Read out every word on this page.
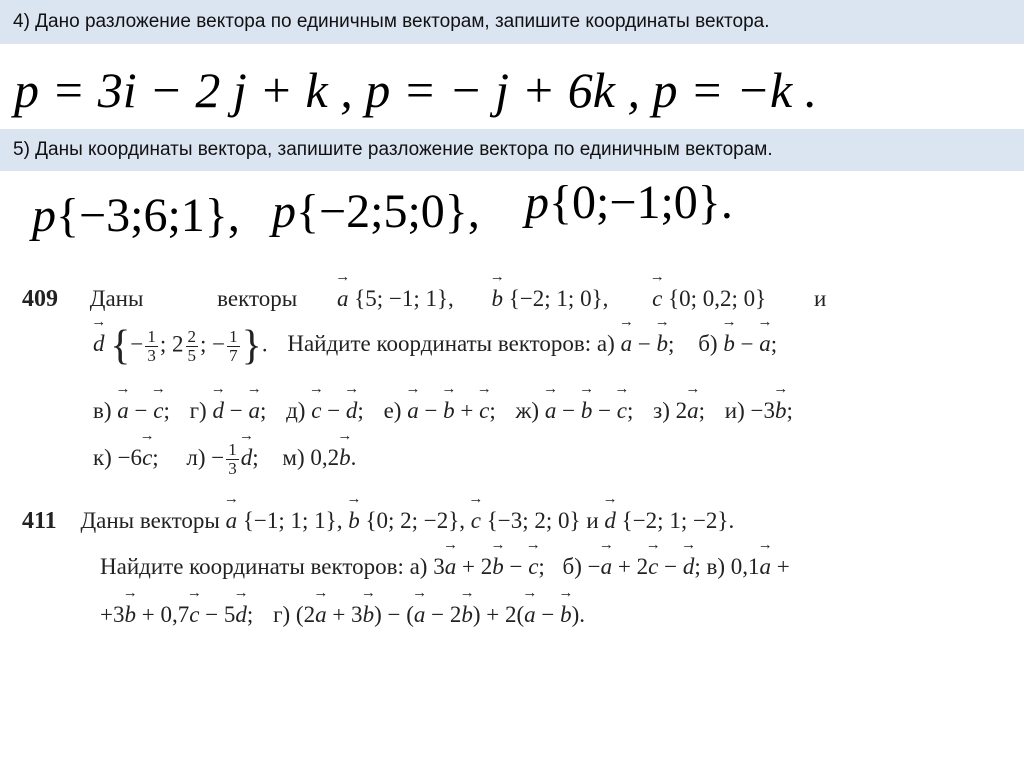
4) Дано разложение вектора по единичным векторам, запишите координаты вектора.
p = 3i − 2 j + k , p = − j + 6k , p = −k .
5) Даны координаты вектора, запишите разложение вектора по единичным векторам.
p{−3;6;1}, p{−2;5;0}, p{0;−1;0}.
409 Даны	векторы → a {5; −1; 1}, → b {−2; 1; 0}, → c {0; 0,2; 0} и
→ d {− $\frac{1}{3}$ ; $2 \frac{2}{5}$ ; − $\frac{1}{7}$ }. Найдите координаты векторов: а) → a − → b; б) → b − → a;
в) → a − → c; г) → d − → a; д) → c − → d; е) → a − → b + → c; ж) → a − → b − → c; з) 2→ a; и) −3→ b;
к) −6→ c; $л) - \frac{1}{3}$
→ d; м) 0,2→ b.
411 Даны векторы → a {−1; 1; 1}, → b {0; 2; −2}, → c {−3; 2; 0} и → d {−2; 1; −2}.
Найдите координаты векторов: а) 3→ a + 2→ b − → c; б) −→ a + 2→ c − → d; в) 0,1→ a +
+3→ b + 0,7→ c − 5→ d; г) (2→ a + 3→ b) − (→ a − 2→ b) + 2(→ a − → b).
